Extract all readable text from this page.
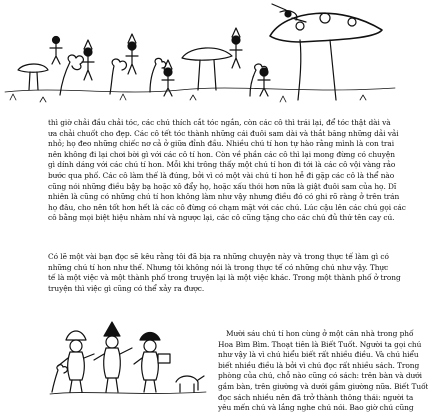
thì giờ chải đầu chải tóc, các chú thích cắt tóc ngắn, còn các cô thì trái lại, để tóc thật dài và
ưa chải chuốt cho đẹp. Các cô tết tóc thành những cái đuôi sam dài và thắt băng những dải vải
nhỏ; họ đeo những chiếc nơ cả ở giữa đỉnh đầu. Nhiều chú tí hon tự hào rằng mình là con trai
nên không đi lại chơi bời gì với các cô tí hon. Còn về phần các cô thì lại mong đừng có chuyện
gì dính dáng với các chú tí hon. Mỗi khi trông thấy một chú tí hon đi tới là các cô vội vàng rảo
bước qua phố. Các cô làm thế là đúng, bởi vì có một vài chú tí hon hễ đi gặp các cô là thể nào
cũng nói những điều bậy bạ hoặc xô đẩy họ, hoặc xấu thói hơn nữa là giật đuôi sam của họ. Dĩ
nhiên là cũng có những chú tí hon không làm như vậy nhưng điều đó có ghi rõ ràng ở trên trán
họ đâu, cho nên tốt hơn hết là các cô đừng có chạm mặt với các chú. Lúc cậu lên các chú gọi các
cô bằng mọi biệt hiệu nhàm nhí và ngược lại, các cô cũng tặng cho các chú đủ thứ tên cay cú.
Có lẽ một vài bạn đọc sẽ kêu rằng tôi đã bịa ra những chuyện này và trong thực tế làm gì có
những chú tí hon như thế. Nhưng tôi không nói là trong thực tế có những chú như vậy. Thực
tế là một việc và một thành phố trong truyện lại là một việc khác. Trong một thành phố ở trong
truyện thì việc gì cũng có thể xảy ra được.
Mười sáu chú tí hon cùng ở một căn nhà trong phố
Hoa Bìm Bìm. Thoạt tiên là Biết Tuốt. Người ta gọi chú
như vậy là vì chú hiểu biết rất nhiều điều. Và chú hiểu
biết nhiều điều là bởi vì chú đọc rất nhiều sách. Trong
phòng của chú, chỗ nào cũng có sách: trên bàn và dưới
gầm bàn, trên giường và dưới gầm giường nữa. Biết Tuốt
đọc sách nhiều nên đã trở thành thông thái: người ta
yêu mến chú và lắng nghe chú nói. Bao giờ chú cũng
